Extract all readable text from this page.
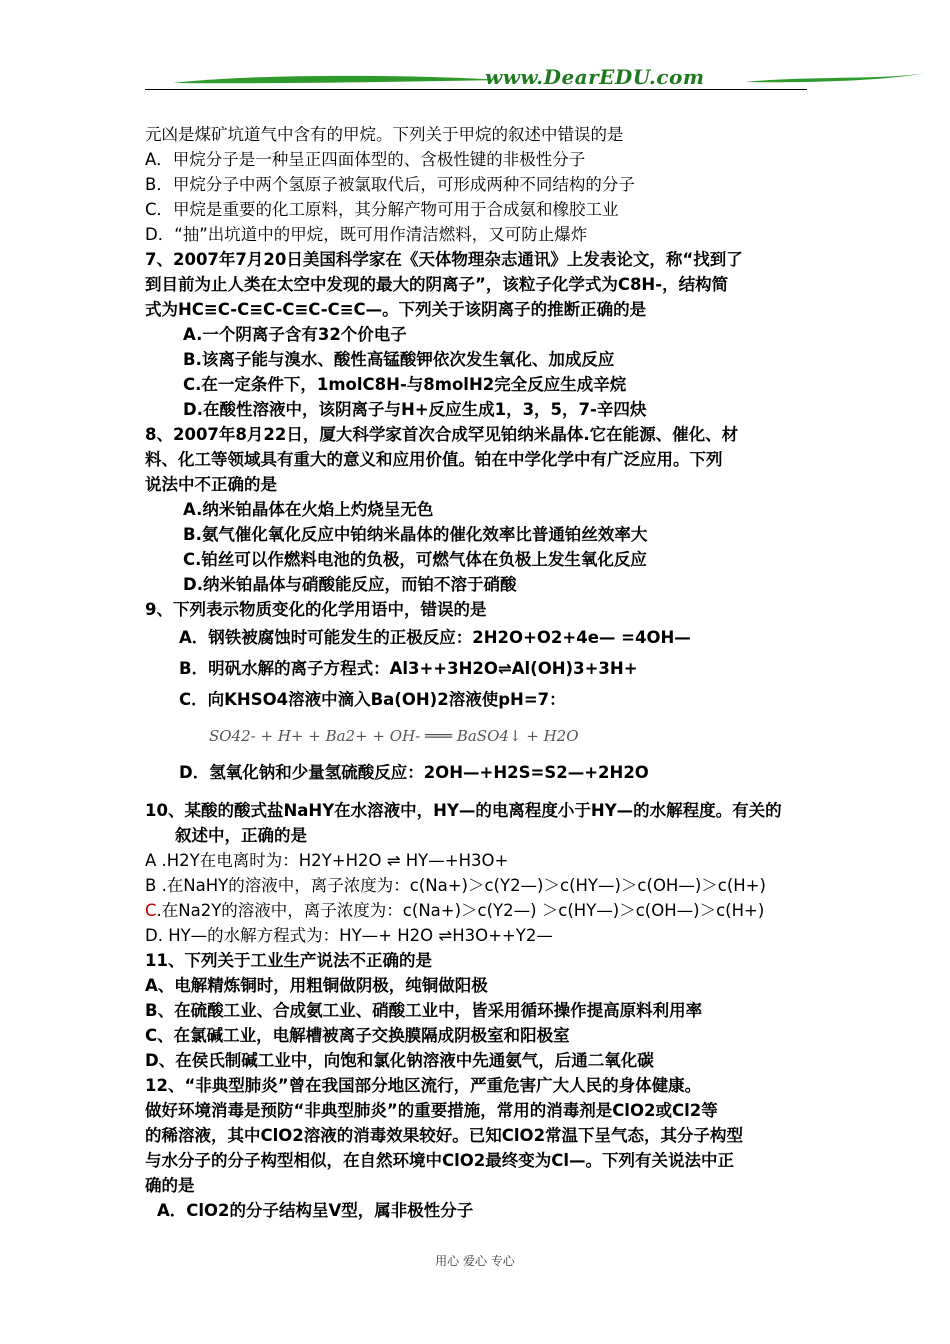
www.DearEDU.com
元凶是煤矿坑道气中含有的甲烷。下列关于甲烷的叙述中错误的是
A．甲烷分子是一种呈正四面体型的、含极性键的非极性分子
B．甲烷分子中两个氢原子被氯取代后，可形成两种不同结构的分子
C．甲烷是重要的化工原料，其分解产物可用于合成氨和橡胶工业
D．“抽”出坑道中的甲烷，既可用作清洁燃料，又可防止爆炸
7、2007年7月20日美国科学家在《天体物理杂志通讯》上发表论文，称“找到了
到目前为止人类在太空中发现的最大的阴离子”，该粒子化学式为C8H-，结构简
式为HC≡C-C≡C-C≡C-C≡C—。下列关于该阴离子的推断正确的是
A.一个阴离子含有32个价电子
B.该离子能与溴水、酸性高锰酸钾依次发生氧化、加成反应
C.在一定条件下，1molC8H-与8molH2完全反应生成辛烷
D.在酸性溶液中，该阴离子与H+反应生成1，3，5，7-辛四炔
8、2007年8月22日，厦大科学家首次合成罕见铂纳米晶体.它在能源、催化、材
料、化工等领域具有重大的意义和应用价值。铂在中学化学中有广泛应用。下列
说法中不正确的是
A.纳米铂晶体在火焰上灼烧呈无色
B.氨气催化氧化反应中铂纳米晶体的催化效率比普通铂丝效率大
C.铂丝可以作燃料电池的负极，可燃气体在负极上发生氧化反应
D.纳米铂晶体与硝酸能反应，而铂不溶于硝酸
9、下列表示物质变化的化学用语中，错误的是
A．钢铁被腐蚀时可能发生的正极反应：2H2O+O2+4e— =4OH—
B．明矾水解的离子方程式：Al3++3H2O⇌Al(OH)3+3H+
C．向KHSO4溶液中滴入Ba(OH)2溶液使pH=7：
SO42- + H+ + Ba2+ + OH- ═══ BaSO4↓ + H2O
D．氢氧化钠和少量氢硫酸反应：2OH—+H2S=S2—+2H2O
10、某酸的酸式盐NaHY在水溶液中，HY—的电离程度小于HY—的水解程度。有关的
叙述中，正确的是
A .H2Y在电离时为：H2Y+H2O ⇌ HY—+H3O+
B .在NaHY的溶液中，离子浓度为：c(Na+)＞c(Y2—)＞c(HY—)＞c(OH—)＞c(H+)
C.在Na2Y的溶液中，离子浓度为：c(Na+)＞c(Y2—) ＞c(HY—)＞c(OH—)＞c(H+)
D. HY—的水解方程式为：HY—+ H2O ⇌H3O++Y2—
11、下列关于工业生产说法不正确的是
A、电解精炼铜时，用粗铜做阴极，纯铜做阳极
B、在硫酸工业、合成氨工业、硝酸工业中，皆采用循环操作提高原料利用率
C、在氯碱工业，电解槽被离子交换膜隔成阴极室和阳极室
D、在侯氏制碱工业中，向饱和氯化钠溶液中先通氨气，后通二氧化碳
12、“非典型肺炎”曾在我国部分地区流行，严重危害广大人民的身体健康。
做好环境消毒是预防“非典型肺炎”的重要措施，常用的消毒剂是ClO2或Cl2等
的稀溶液，其中ClO2溶液的消毒效果较好。已知ClO2常温下呈气态，其分子构型
与水分子的分子构型相似，在自然环境中ClO2最终变为Cl—。下列有关说法中正
确的是
A．ClO2的分子结构呈V型，属非极性分子
用心 爱心 专心
